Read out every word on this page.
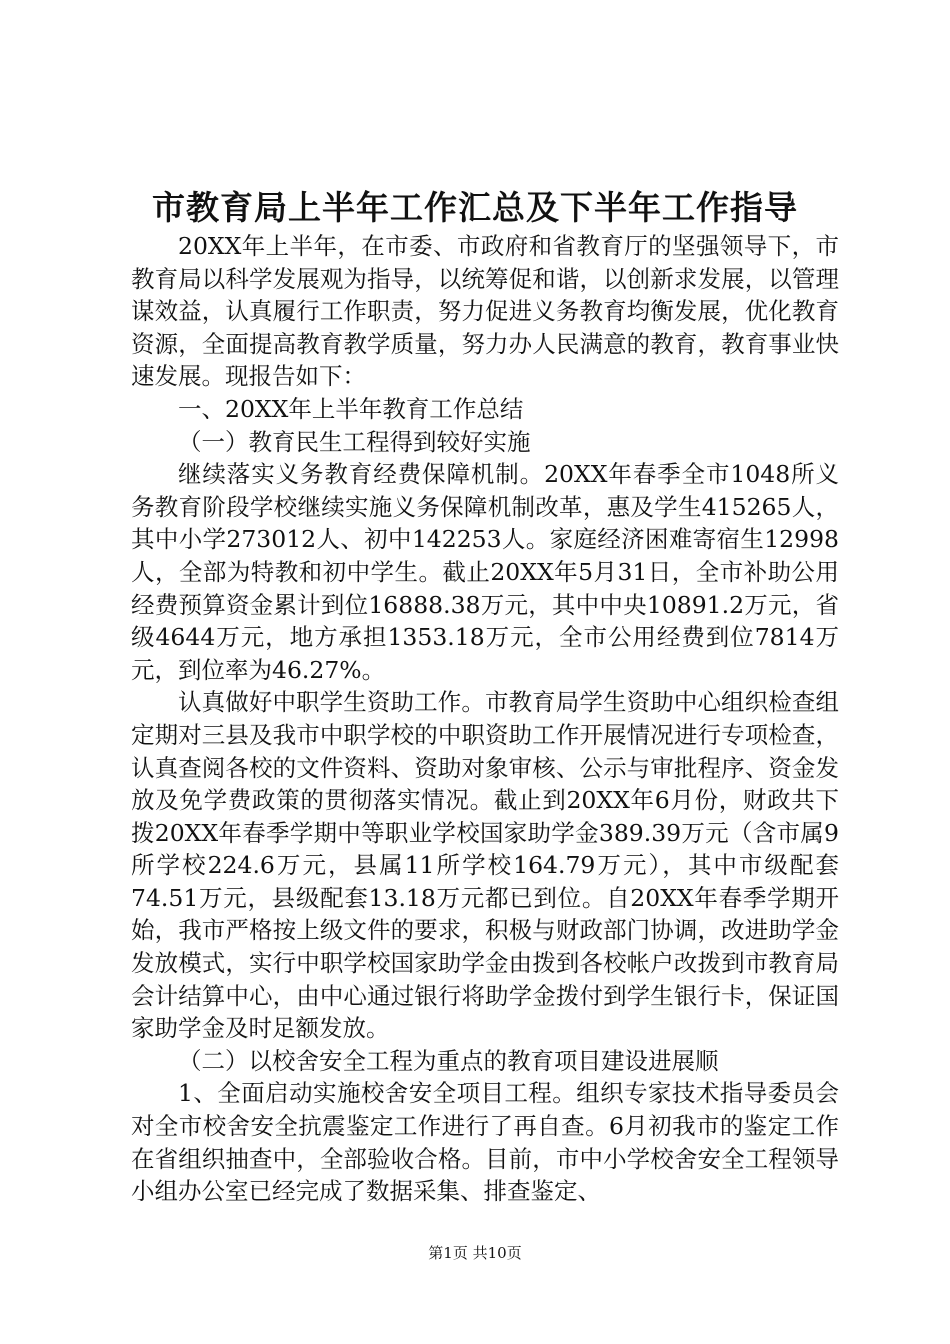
市教育局上半年工作汇总及下半年工作指导

20XX年上半年，在市委、市政府和省教育厅的坚强领导下，市教育局以科学发展观为指导，以统筹促和谐，以创新求发展，以管理谋效益，认真履行工作职责，努力促进义务教育均衡发展，优化教育资源，全面提高教育教学质量，努力办人民满意的教育，教育事业快速发展。现报告如下：

一、20XX年上半年教育工作总结

（一）教育民生工程得到较好实施

继续落实义务教育经费保障机制。20XX年春季全市1048所义务教育阶段学校继续实施义务保障机制改革，惠及学生415265人，其中小学273012人、初中142253人。家庭经济困难寄宿生12998人，全部为特教和初中学生。截止20XX年5月31日，全市补助公用经费预算资金累计到位16888.38万元，其中中央10891.2万元，省级4644万元，地方承担1353.18万元，全市公用经费到位7814万元，到位率为46.27%。

认真做好中职学生资助工作。市教育局学生资助中心组织检查组定期对三县及我市中职学校的中职资助工作开展情况进行专项检查，认真查阅各校的文件资料、资助对象审核、公示与审批程序、资金发放及免学费政策的贯彻落实情况。截止到20XX年6月份，财政共下拨20XX年春季学期中等职业学校国家助学金389.39万元（含市属9所学校224.6万元，县属11所学校164.79万元），其中市级配套74.51万元，县级配套13.18万元都已到位。自20XX年春季学期开始，我市严格按上级文件的要求，积极与财政部门协调，改进助学金发放模式，实行中职学校国家助学金由拨到各校帐户改拨到市教育局会计结算中心，由中心通过银行将助学金拨付到学生银行卡，保证国家助学金及时足额发放。

（二）以校舍安全工程为重点的教育项目建设进展顺

1、全面启动实施校舍安全项目工程。组织专家技术指导委员会对全市校舍安全抗震鉴定工作进行了再自查。6月初我市的鉴定工作在省组织抽查中，全部验收合格。目前，市中小学校舍安全工程领导小组办公室已经完成了数据采集、排查鉴定、

第1页 共10页
